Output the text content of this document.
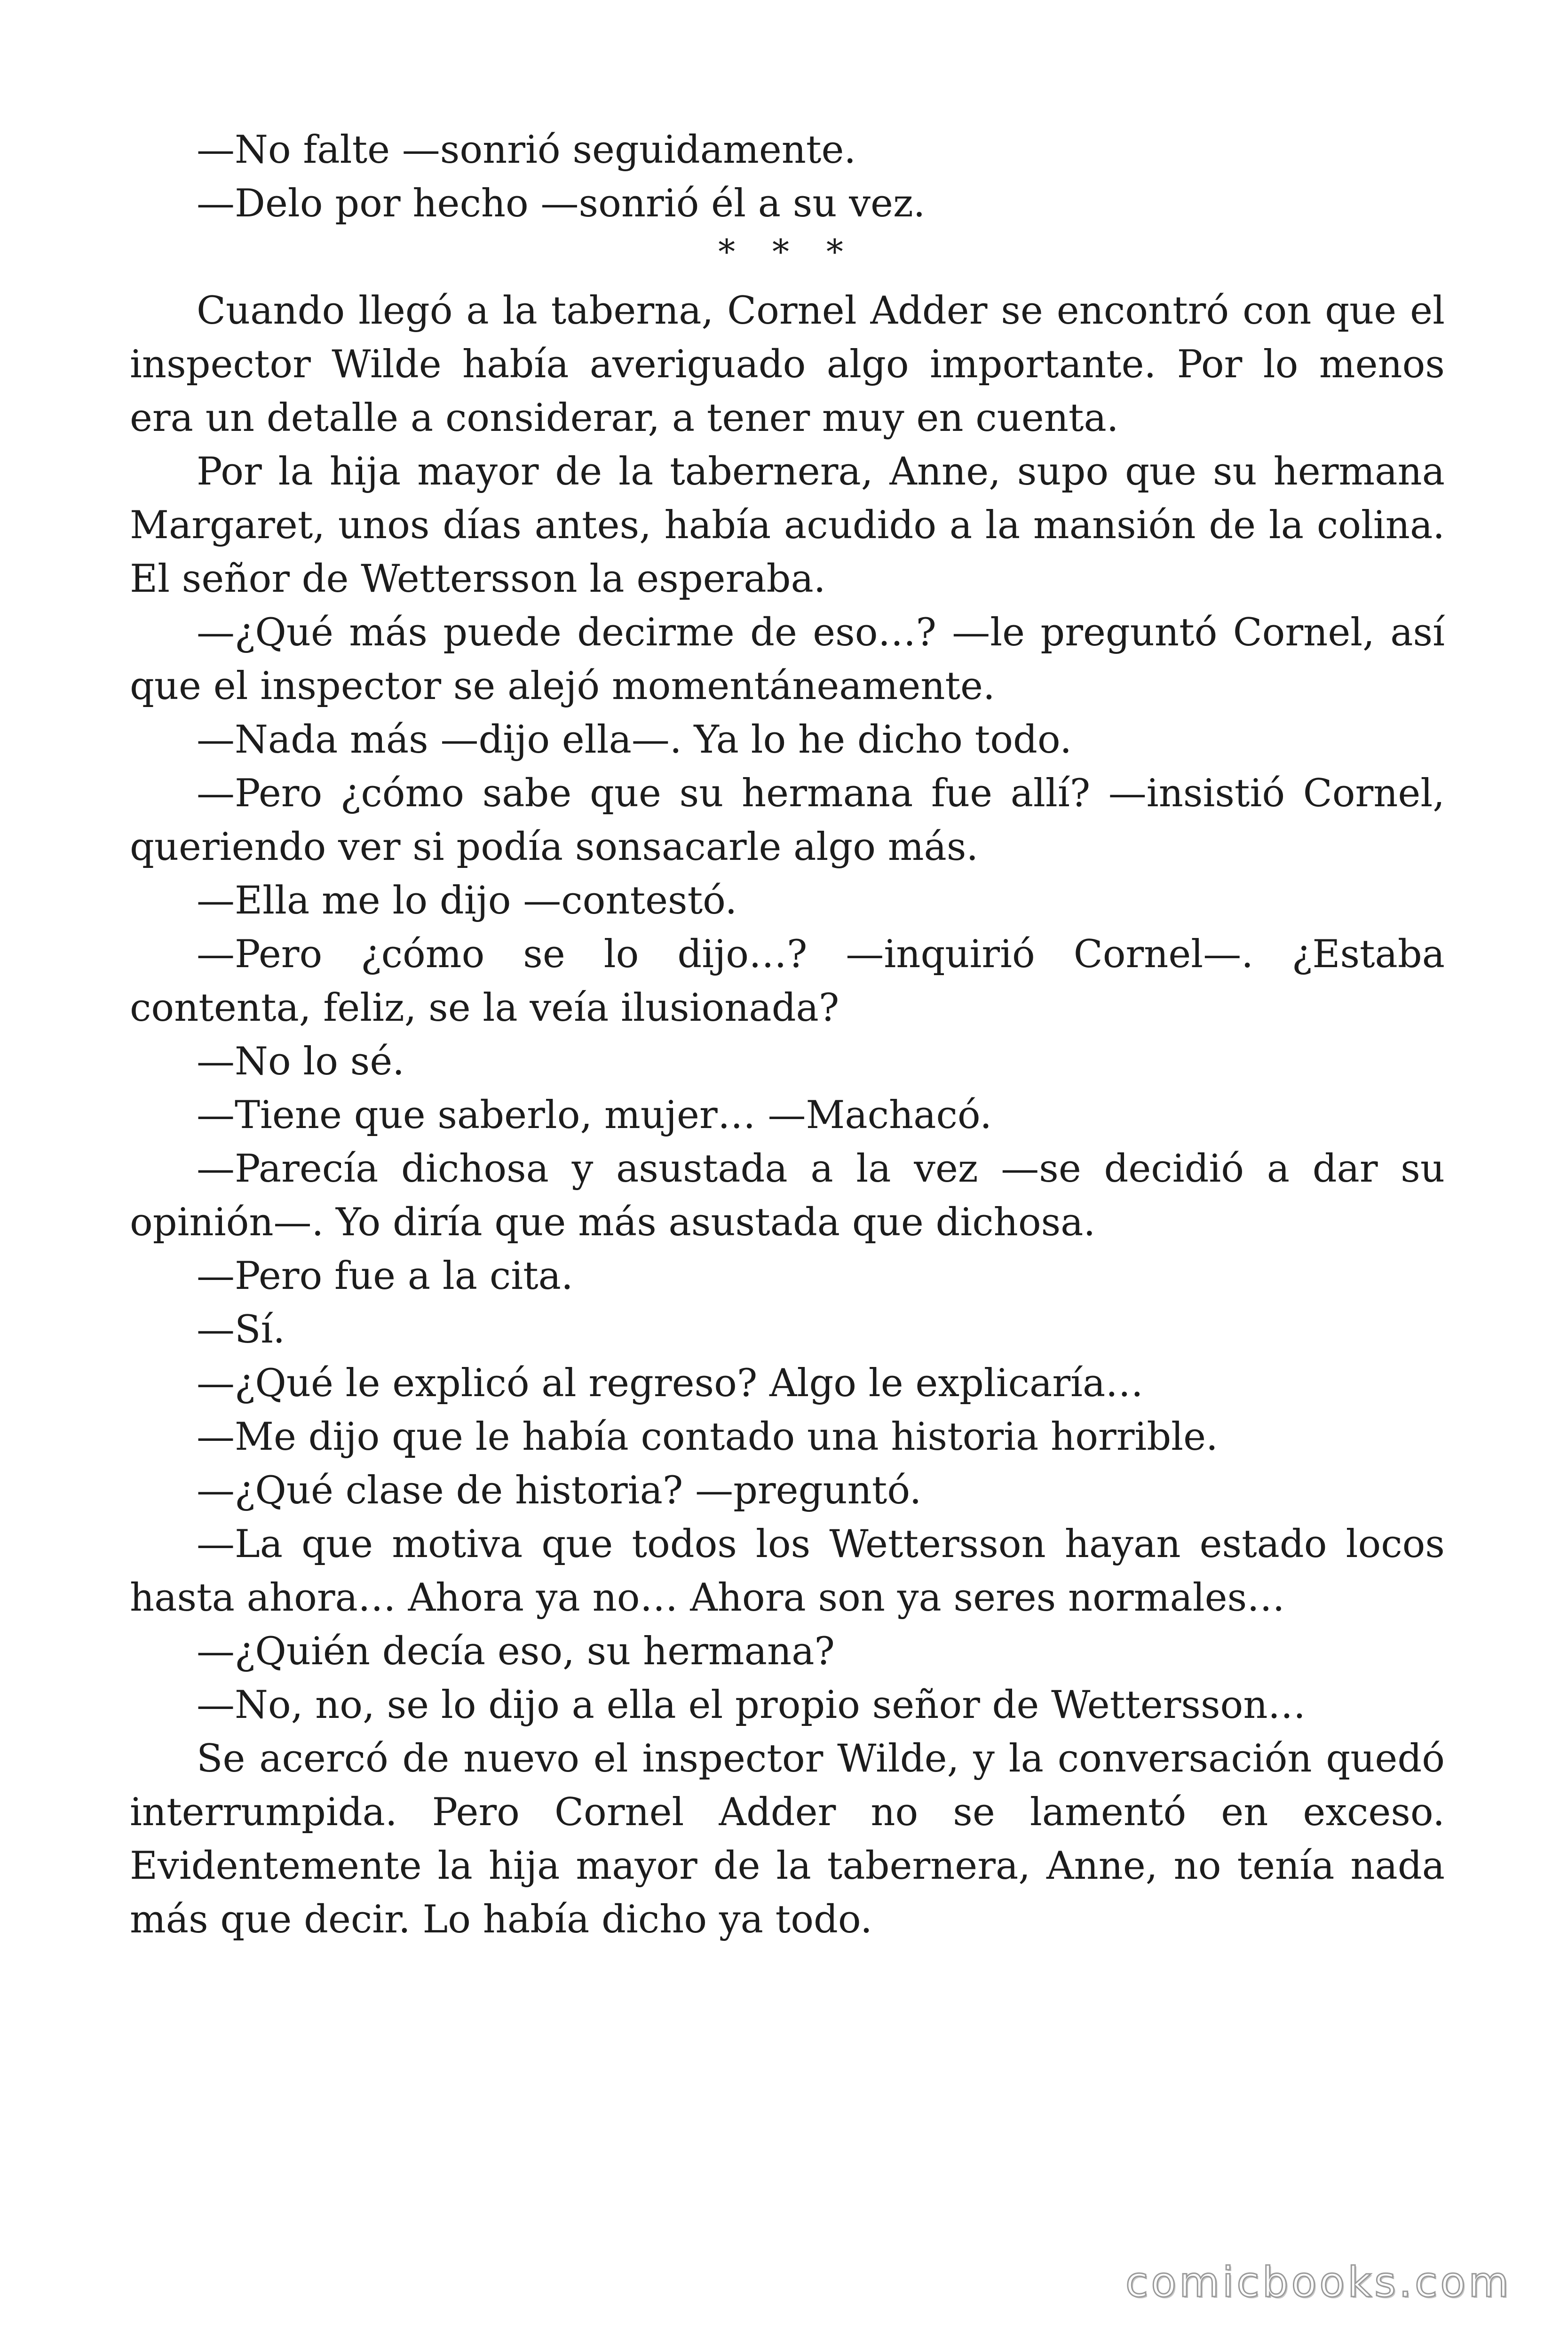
—No falte —sonrió seguidamente.

—Delo por hecho —sonrió él a su vez.

* * *

Cuando llegó a la taberna, Cornel Adder se encontró con que el inspector Wilde había averiguado algo importante. Por lo menos era un detalle a considerar, a tener muy en cuenta.

Por la hija mayor de la tabernera, Anne, supo que su hermana Margaret, unos días antes, había acudido a la mansión de la colina. El señor de Wettersson la esperaba.

—¿Qué más puede decirme de eso…? —le preguntó Cornel, así que el inspector se alejó momentáneamente.

—Nada más —dijo ella—. Ya lo he dicho todo.

—Pero ¿cómo sabe que su hermana fue allí? —insistió Cornel, queriendo ver si podía sonsacarle algo más.

—Ella me lo dijo —contestó.

—Pero ¿cómo se lo dijo…? —inquirió Cornel—. ¿Estaba contenta, feliz, se la veía ilusionada?

—No lo sé.

—Tiene que saberlo, mujer… —Machacó.

—Parecía dichosa y asustada a la vez —se decidió a dar su opinión—. Yo diría que más asustada que dichosa.

—Pero fue a la cita.

—Sí.

—¿Qué le explicó al regreso? Algo le explicaría…

—Me dijo que le había contado una historia horrible.

—¿Qué clase de historia? —preguntó.

—La que motiva que todos los Wettersson hayan estado locos hasta ahora… Ahora ya no… Ahora son ya seres normales…

—¿Quién decía eso, su hermana?

—No, no, se lo dijo a ella el propio señor de Wettersson…

Se acercó de nuevo el inspector Wilde, y la conversación quedó interrumpida. Pero Cornel Adder no se lamentó en exceso. Evidentemente la hija mayor de la tabernera, Anne, no tenía nada más que decir. Lo había dicho ya todo.

comicbooks.com
